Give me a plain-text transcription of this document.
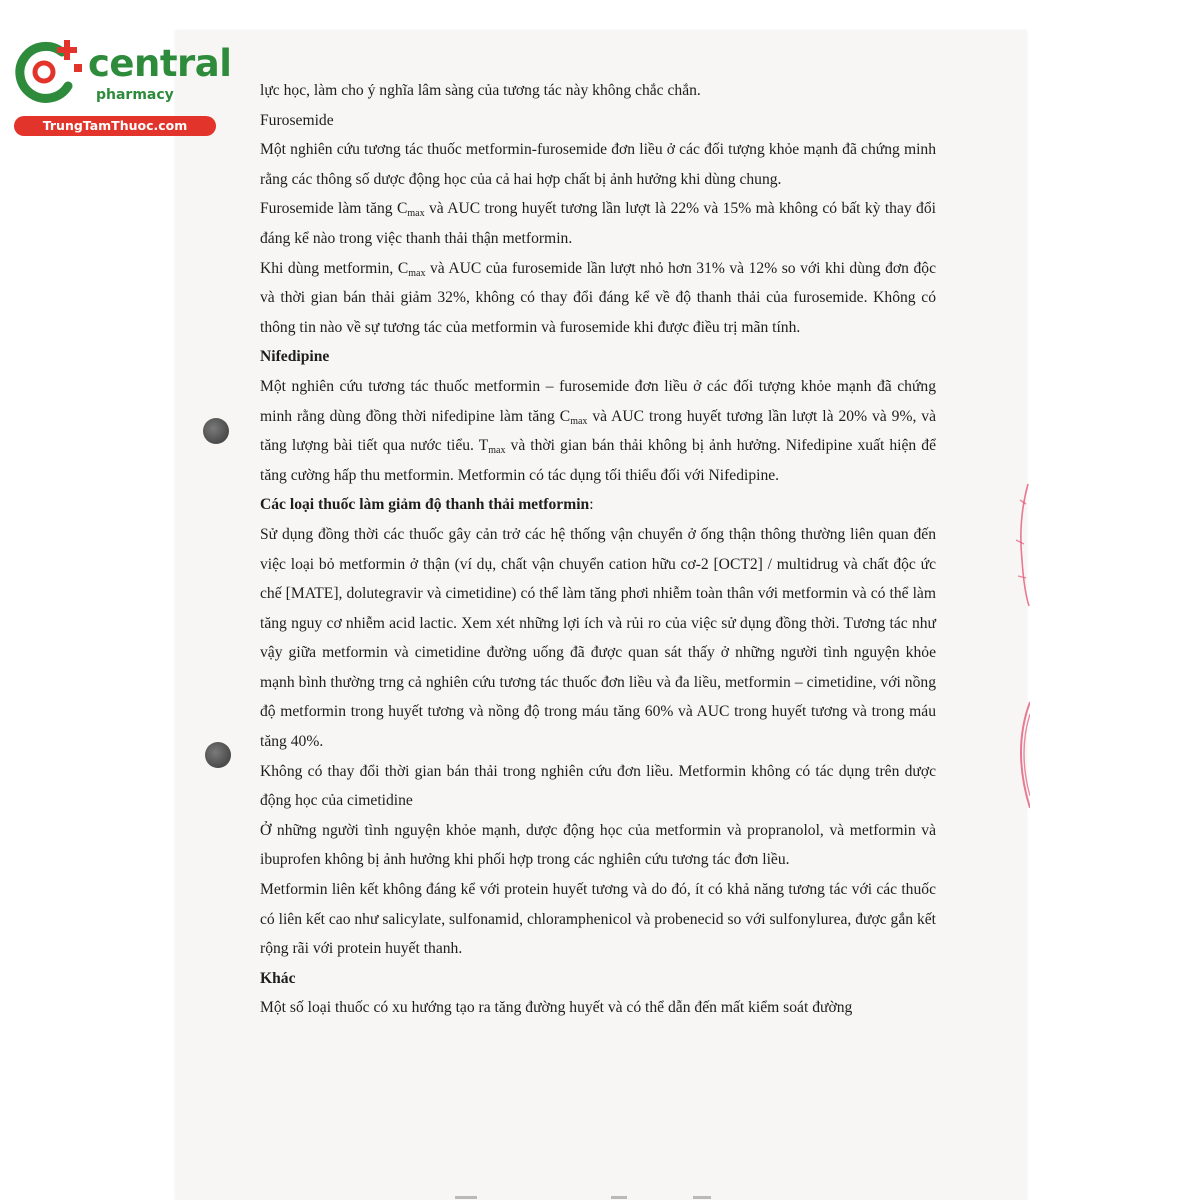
central
pharmacy
TrungTamThuoc.com

lực học, làm cho ý nghĩa lâm sàng của tương tác này không chắc chắn.

Furosemide

Một nghiên cứu tương tác thuốc metformin-furosemide đơn liều ở các đối tượng khỏe mạnh đã chứng minh rằng các thông số dược động học của cả hai hợp chất bị ảnh hưởng khi dùng chung.

Furosemide làm tăng $C_{max}$ và AUC trong huyết tương lần lượt là 22% và 15% mà không có bất kỳ thay đổi đáng kể nào trong việc thanh thải thận metformin.

Khi dùng metformin, $C_{max}$ và AUC của furosemide lần lượt nhỏ hơn 31% và 12% so với khi dùng đơn độc và thời gian bán thải giảm 32%, không có thay đổi đáng kể về độ thanh thải của furosemide. Không có thông tin nào về sự tương tác của metformin và furosemide khi được điều trị mãn tính.

Nifedipine

Một nghiên cứu tương tác thuốc metformin – furosemide đơn liều ở các đối tượng khỏe mạnh đã chứng minh rằng dùng đồng thời nifedipine làm tăng $C_{max}$ và AUC trong huyết tương lần lượt là 20% và 9%, và tăng lượng bài tiết qua nước tiểu. $T_{max}$ và thời gian bán thải không bị ảnh hưởng. Nifedipine xuất hiện để tăng cường hấp thu metformin. Metformin có tác dụng tối thiểu đối với Nifedipine.

Các loại thuốc làm giảm độ thanh thải metformin:

Sử dụng đồng thời các thuốc gây cản trở các hệ thống vận chuyển ở ống thận thông thường liên quan đến việc loại bỏ metformin ở thận (ví dụ, chất vận chuyển cation hữu cơ-2 [OCT2] / multidrug và chất độc ức chế [MATE], dolutegravir và cimetidine) có thể làm tăng phơi nhiễm toàn thân với metformin và có thể làm tăng nguy cơ nhiễm acid lactic. Xem xét những lợi ích và rủi ro của việc sử dụng đồng thời. Tương tác như vậy giữa metformin và cimetidine đường uống đã được quan sát thấy ở những người tình nguyện khỏe mạnh bình thường trng cả nghiên cứu tương tác thuốc đơn liều và đa liều, metformin – cimetidine, với nồng độ metformin trong huyết tương và nồng độ trong máu tăng 60% và AUC trong huyết tương và trong máu tăng 40%.

Không có thay đổi thời gian bán thải trong nghiên cứu đơn liều. Metformin không có tác dụng trên dược động học của cimetidine

Ở những người tình nguyện khỏe mạnh, dược động học của metformin và propranolol, và metformin và ibuprofen không bị ảnh hưởng khi phối hợp trong các nghiên cứu tương tác đơn liều.

Metformin liên kết không đáng kể với protein huyết tương và do đó, ít có khả năng tương tác với các thuốc có liên kết cao như salicylate, sulfonamid, chloramphenicol và probenecid so với sulfonylurea, được gắn kết rộng rãi với protein huyết thanh.

Khác

Một số loại thuốc có xu hướng tạo ra tăng đường huyết và có thể dẫn đến mất kiểm soát đường
